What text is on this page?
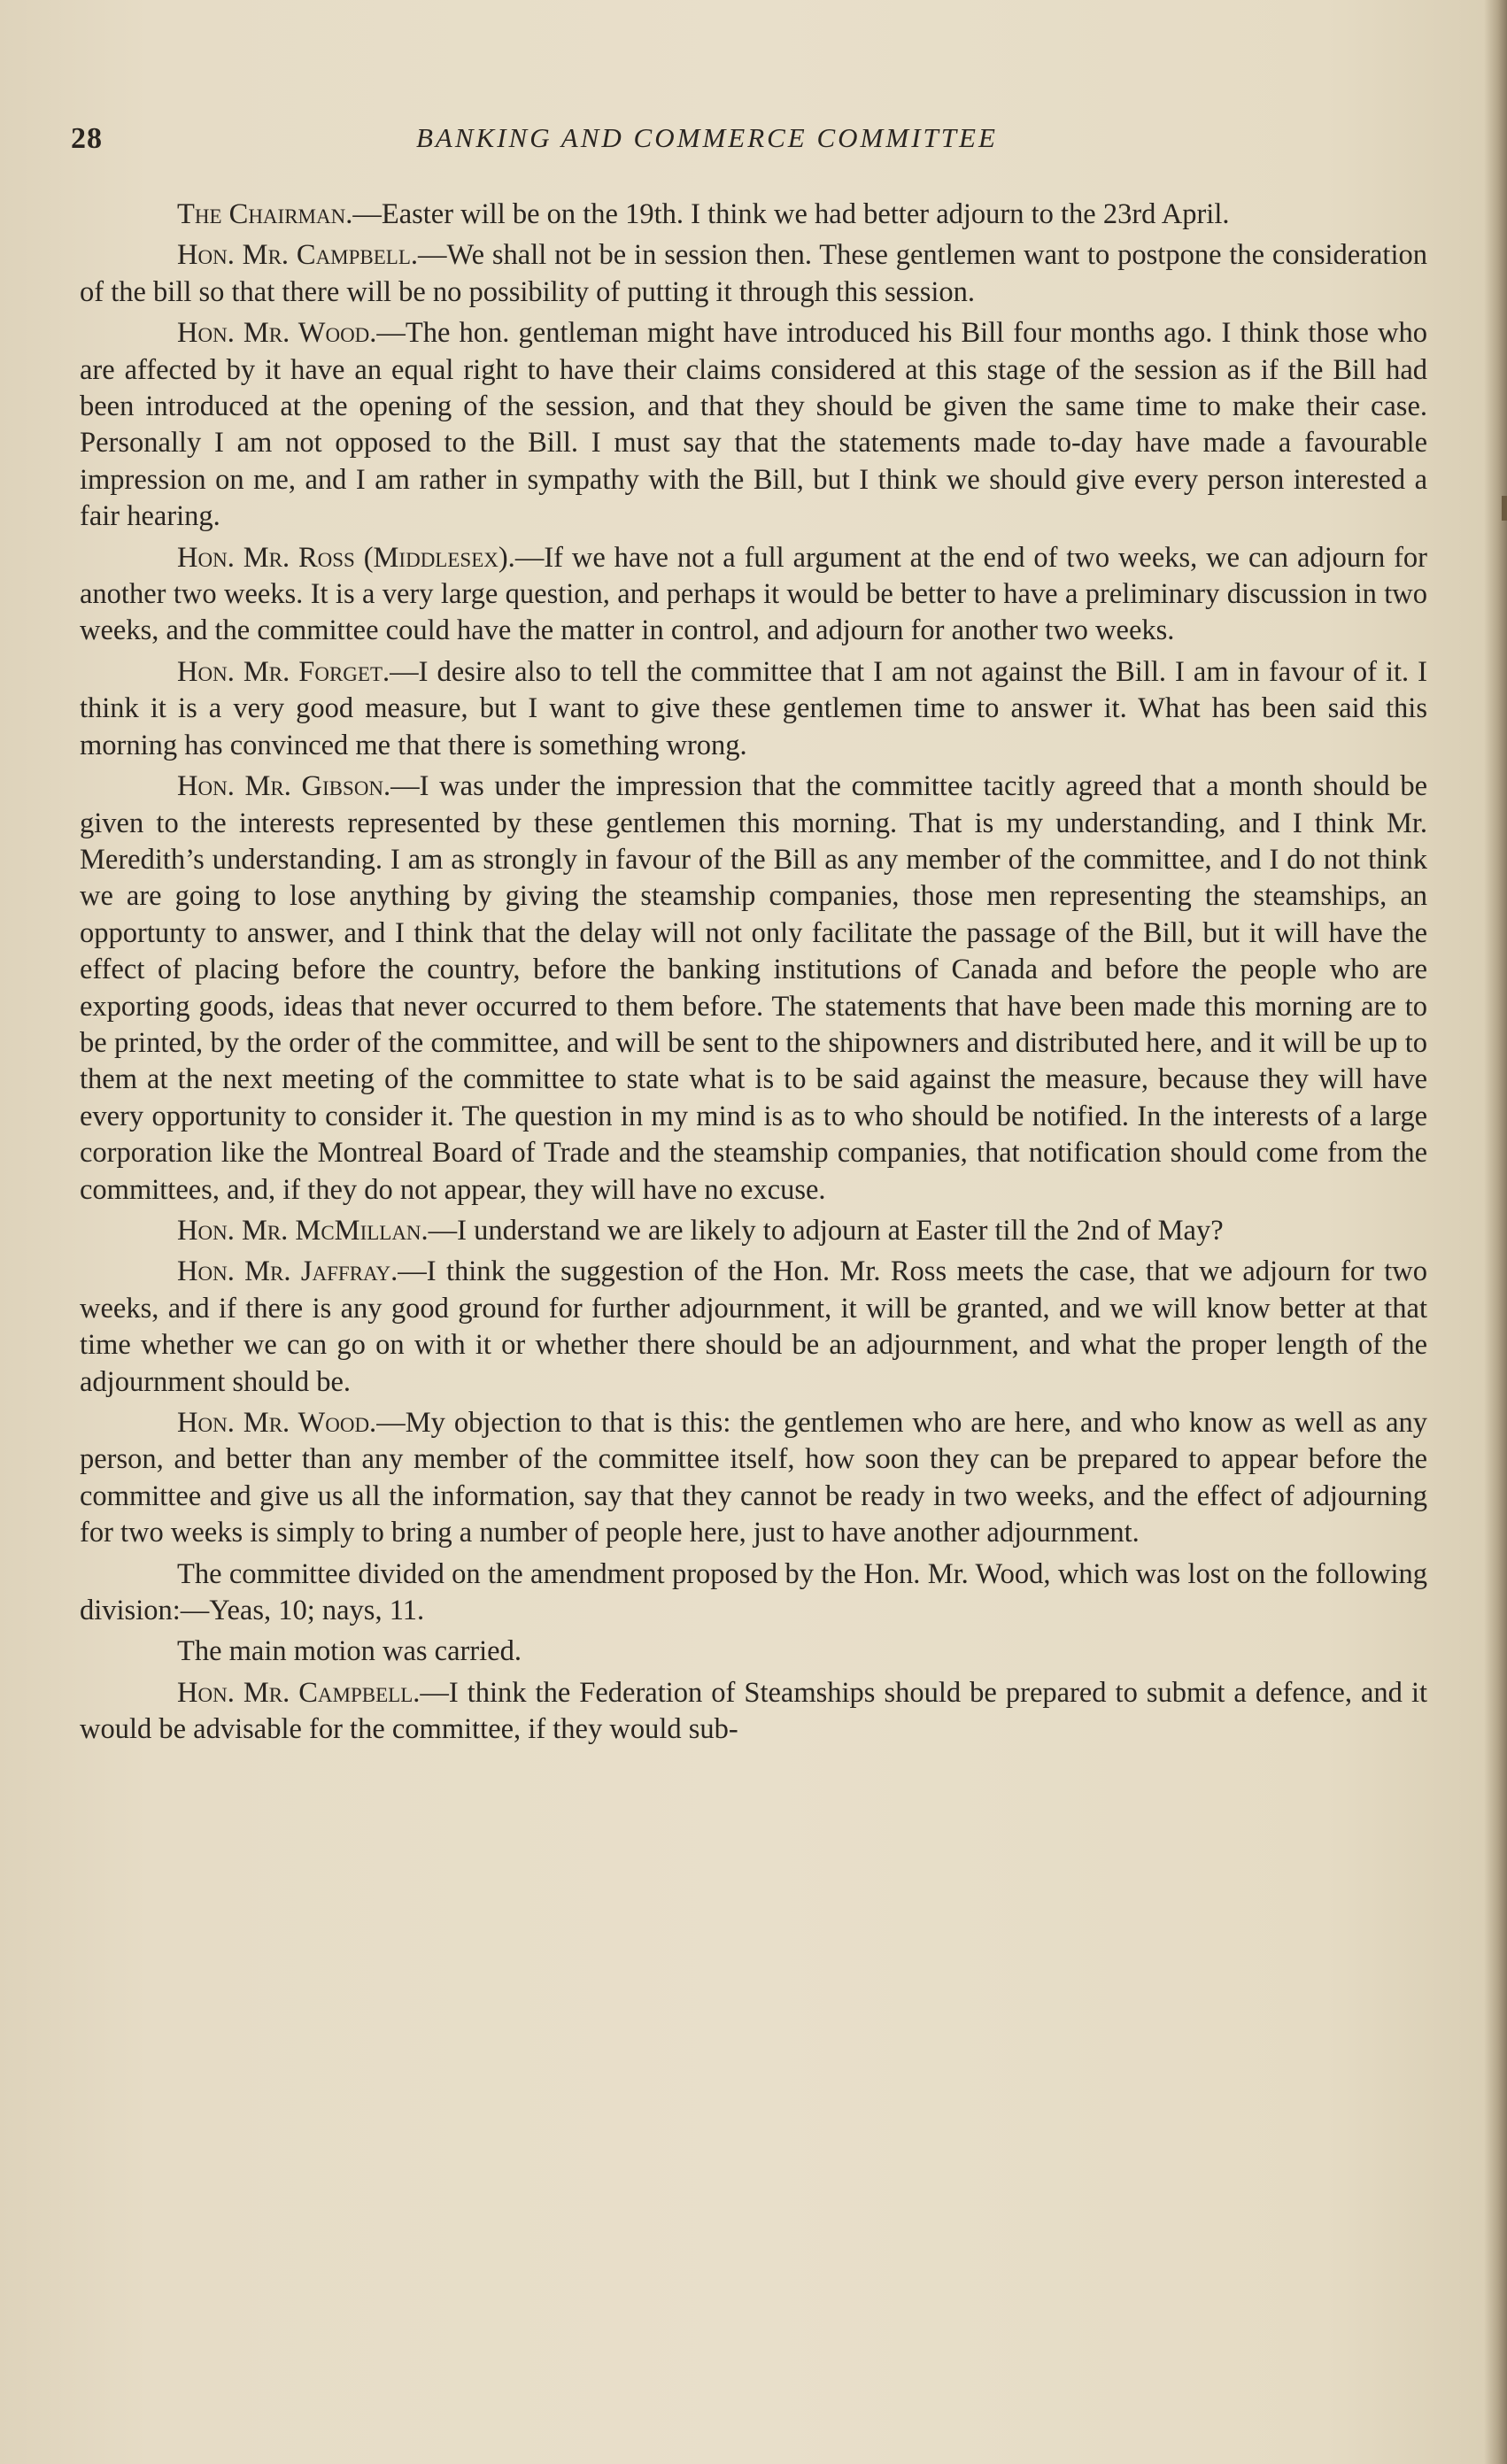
28	BANKING AND COMMERCE COMMITTEE

The Chairman.—Easter will be on the 19th. I think we had better adjourn to the 23rd April.

Hon. Mr. Campbell.—We shall not be in session then. These gentlemen want to postpone the consideration of the bill so that there will be no possibility of putting it through this session.

Hon. Mr. Wood.—The hon. gentleman might have introduced his Bill four months ago. I think those who are affected by it have an equal right to have their claims considered at this stage of the session as if the Bill had been introduced at the opening of the session, and that they should be given the same time to make their case. Personally I am not opposed to the Bill. I must say that the statements made to-day have made a favourable impression on me, and I am rather in sympathy with the Bill, but I think we should give every person interested a fair hearing.

Hon. Mr. Ross (Middlesex).—If we have not a full argument at the end of two weeks, we can adjourn for another two weeks. It is a very large question, and perhaps it would be better to have a preliminary discussion in two weeks, and the committee could have the matter in control, and adjourn for another two weeks.

Hon. Mr. Forget.—I desire also to tell the committee that I am not against the Bill. I am in favour of it. I think it is a very good measure, but I want to give these gentlemen time to answer it. What has been said this morning has convinced me that there is something wrong.

Hon. Mr. Gibson.—I was under the impression that the committee tacitly agreed that a month should be given to the interests represented by these gentlemen this morning. That is my understanding, and I think Mr. Meredith’s understanding. I am as strongly in favour of the Bill as any member of the committee, and I do not think we are going to lose anything by giving the steamship companies, those men representing the steamships, an opportunty to answer, and I think that the delay will not only facilitate the passage of the Bill, but it will have the effect of placing before the country, before the banking institutions of Canada and before the people who are exporting goods, ideas that never occurred to them before. The statements that have been made this morning are to be printed, by the order of the committee, and will be sent to the shipowners and distributed here, and it will be up to them at the next meeting of the committee to state what is to be said against the measure, because they will have every opportunity to consider it. The question in my mind is as to who should be notified. In the interests of a large corporation like the Montreal Board of Trade and the steamship companies, that notification should come from the committees, and, if they do not appear, they will have no excuse.

Hon. Mr. McMillan.—I understand we are likely to adjourn at Easter till the 2nd of May?

Hon. Mr. Jaffray.—I think the suggestion of the Hon. Mr. Ross meets the case, that we adjourn for two weeks, and if there is any good ground for further adjournment, it will be granted, and we will know better at that time whether we can go on with it or whether there should be an adjournment, and what the proper length of the adjournment should be.

Hon. Mr. Wood.—My objection to that is this: the gentlemen who are here, and who know as well as any person, and better than any member of the committee itself, how soon they can be prepared to appear before the committee and give us all the information, say that they cannot be ready in two weeks, and the effect of adjourning for two weeks is simply to bring a number of people here, just to have another adjournment.

The committee divided on the amendment proposed by the Hon. Mr. Wood, which was lost on the following division:—Yeas, 10; nays, 11.

The main motion was carried.

Hon. Mr. Campbell.—I think the Federation of Steamships should be prepared to submit a defence, and it would be advisable for the committee, if they would sub-
